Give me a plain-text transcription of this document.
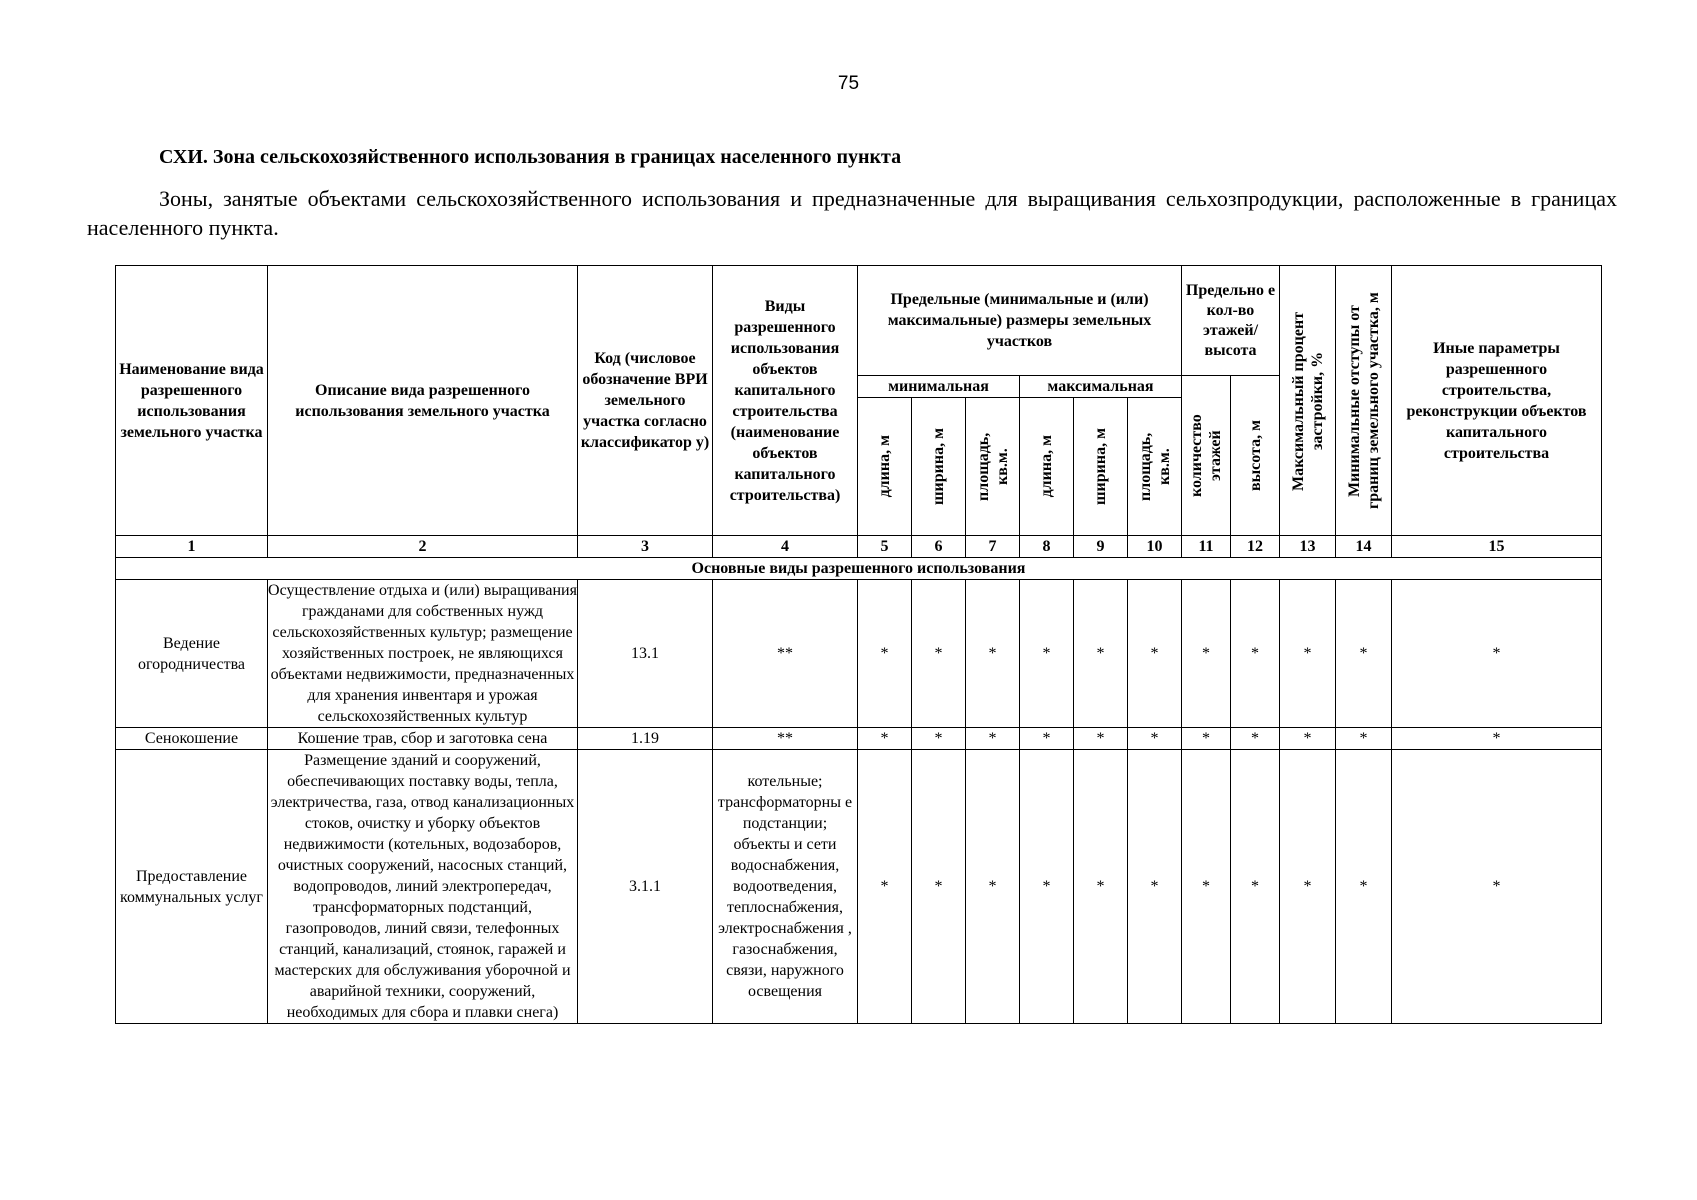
75
СХИ. Зона сельскохозяйственного использования в границах населенного пункта

Зоны, занятые объектами сельскохозяйственного использования и предназначенные для выращивания сельхозпродукции, расположенные в границах населенного пункта.

Наименование вида разрешенного использования земельного участка	Описание вида разрешенного использования земельного участка	Код (числовое обозначение ВРИ земельного участка согласно классификатор у)	Виды разрешенного использования объектов капитального строительства (наименование объектов капитального строительства)	Предельные (минимальные и (или) максимальные) размеры земельных участков						Предельно е кол-во этажей/ высота		Максимальный процент застройки, %	Минимальные отступы от границ земельного участка, м	Иные параметры разрешенного строительства, реконструкции объектов капитального строительства
				минимальная			максимальная			количество этажей	высота, м			

				длина, м	ширина, м	площадь, кв.м.	длина, м	ширина, м	площадь, кв.м.					

1	2	3	4	5	6	7	8	9	10	11	12	13	14	15
Основные виды разрешенного использования														
Ведение огородничества	Осуществление отдыха и (или) выращивания гражданами для собственных нужд сельскохозяйственных культур; размещение хозяйственных построек, не являющихся объектами недвижимости, предназначенных для хранения инвентаря и урожая сельскохозяйственных культур	13.1	**	*	*	*	*	*	*	*	*	*	*	*
Сенокошение	Кошение трав, сбор и заготовка сена	1.19	**	*	*	*	*	*	*	*	*	*	*	*
Предоставление коммунальных услуг	Размещение зданий и сооружений, обеспечивающих поставку воды, тепла, электричества, газа, отвод канализационных стоков, очистку и уборку объектов недвижимости (котельных, водозаборов, очистных сооружений, насосных станций, водопроводов, линий электропередач, трансформаторных подстанций, газопроводов, линий связи, телефонных станций, канализаций, стоянок, гаражей и мастерских для обслуживания уборочной и аварийной техники, сооружений, необходимых для сбора и плавки снега)	3.1.1	котельные; трансформаторны е подстанции; объекты и сети водоснабжения, водоотведения, теплоснабжения, электроснабжения , газоснабжения, связи, наружного освещения	*	*	*	*	*	*	*	*	*	*	*
